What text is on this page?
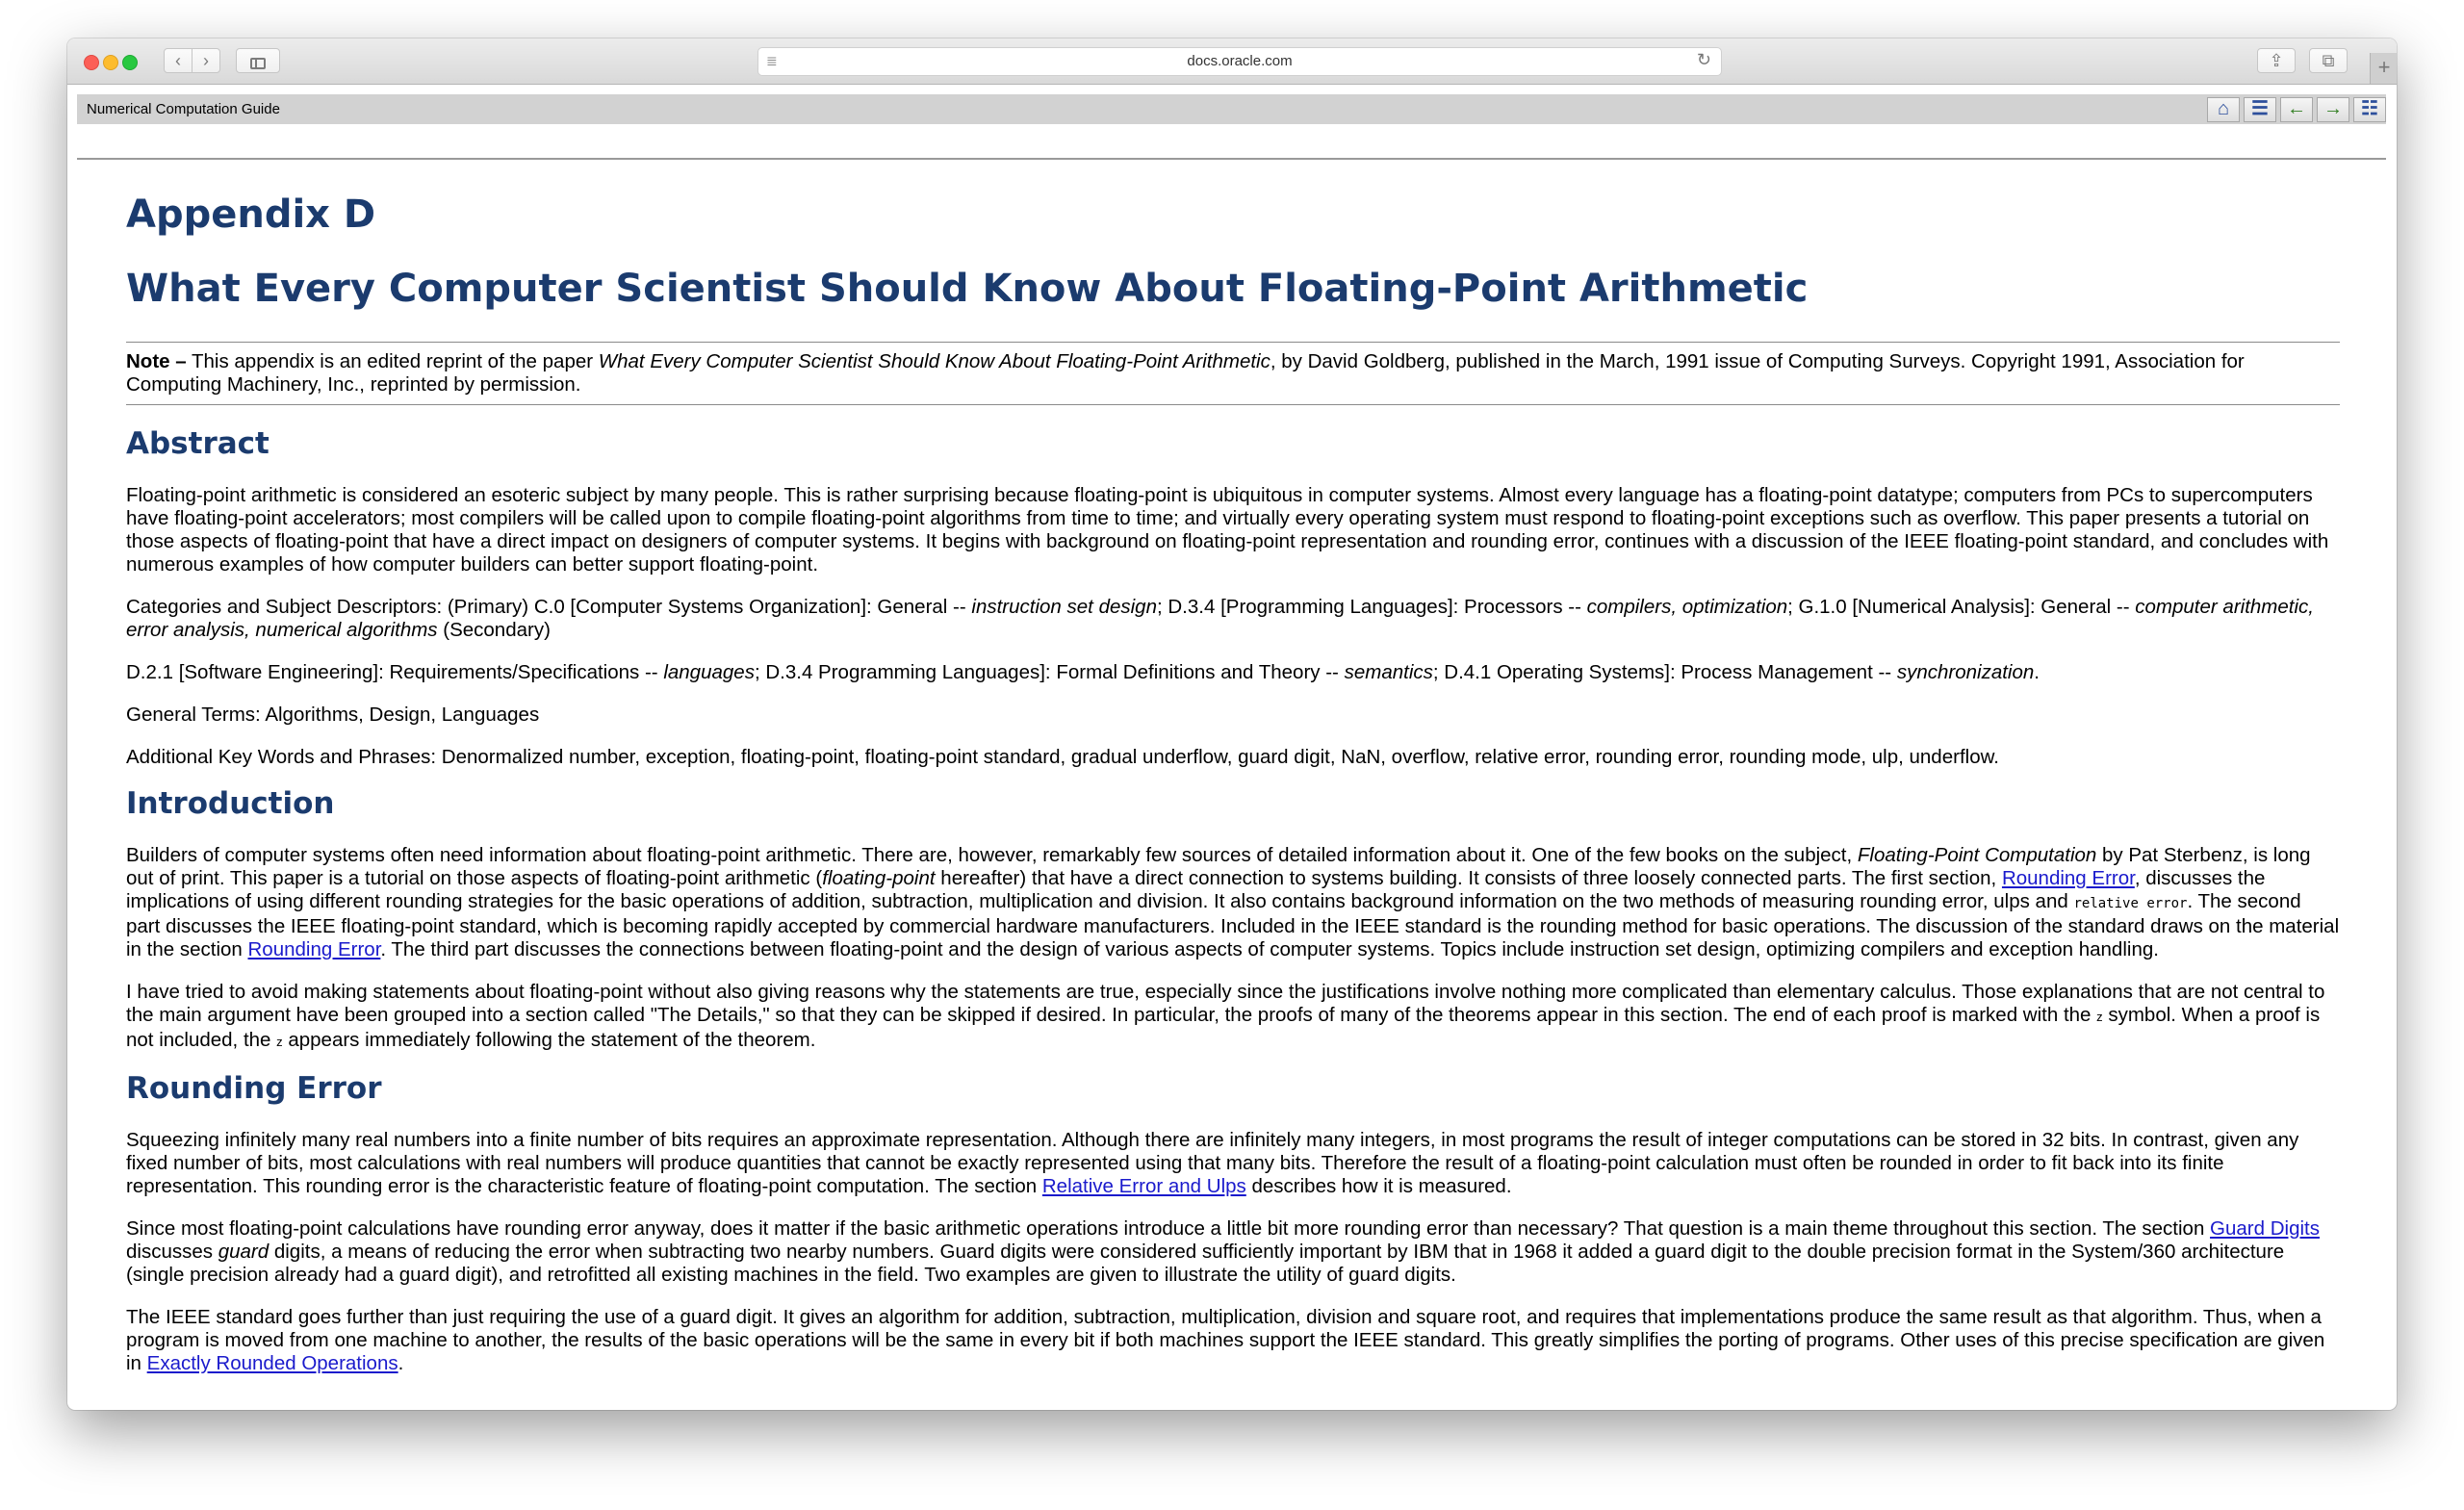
‹	›	≣	docs.oracle.com	↻	⇪	⧉	+
Numerical Computation Guide	⌂	☰ ← → ☷
Appendix D
What Every Computer Scientist Should Know About Floating-Point Arithmetic
Note – This appendix is an edited reprint of the paper What Every Computer Scientist Should Know About Floating-Point Arithmetic, by David Goldberg, published in the March, 1991 issue of Computing Surveys. Copyright 1991, Association for Computing Machinery, Inc., reprinted by permission.
Abstract

Floating-point arithmetic is considered an esoteric subject by many people. This is rather surprising because floating-point is ubiquitous in computer systems. Almost every language has a floating-point datatype; computers from PCs to supercomputers have floating-point accelerators; most compilers will be called upon to compile floating-point algorithms from time to time; and virtually every operating system must respond to floating-point exceptions such as overflow. This paper presents a tutorial on those aspects of floating-point that have a direct impact on designers of computer systems. It begins with background on floating-point representation and rounding error, continues with a discussion of the IEEE floating-point standard, and concludes with numerous examples of how computer builders can better support floating-point.

Categories and Subject Descriptors: (Primary) C.0 [Computer Systems Organization]: General -- instruction set design; D.3.4 [Programming Languages]: Processors -- compilers, optimization; G.1.0 [Numerical Analysis]: General -- computer arithmetic, error analysis, numerical algorithms (Secondary)

D.2.1 [Software Engineering]: Requirements/Specifications -- languages; D.3.4 Programming Languages]: Formal Definitions and Theory -- semantics; D.4.1 Operating Systems]: Process Management -- synchronization.

General Terms: Algorithms, Design, Languages

Additional Key Words and Phrases: Denormalized number, exception, floating-point, floating-point standard, gradual underflow, guard digit, NaN, overflow, relative error, rounding error, rounding mode, ulp, underflow.

Introduction

Builders of computer systems often need information about floating-point arithmetic. There are, however, remarkably few sources of detailed information about it. One of the few books on the subject, Floating-Point Computation by Pat Sterbenz, is long out of print. This paper is a tutorial on those aspects of floating-point arithmetic (floating-point hereafter) that have a direct connection to systems building. It consists of three loosely connected parts. The first section, Rounding Error, discusses the implications of using different rounding strategies for the basic operations of addition, subtraction, multiplication and division. It also contains background information on the two methods of measuring rounding error, ulps and relative error. The second part discusses the IEEE floating-point standard, which is becoming rapidly accepted by commercial hardware manufacturers. Included in the IEEE standard is the rounding method for basic operations. The discussion of the standard draws on the material in the section Rounding Error. The third part discusses the connections between floating-point and the design of various aspects of computer systems. Topics include instruction set design, optimizing compilers and exception handling.

I have tried to avoid making statements about floating-point without also giving reasons why the statements are true, especially since the justifications involve nothing more complicated than elementary calculus. Those explanations that are not central to the main argument have been grouped into a section called "The Details," so that they can be skipped if desired. In particular, the proofs of many of the theorems appear in this section. The end of each proof is marked with the z symbol. When a proof is not included, the z appears immediately following the statement of the theorem.

Rounding Error

Squeezing infinitely many real numbers into a finite number of bits requires an approximate representation. Although there are infinitely many integers, in most programs the result of integer computations can be stored in 32 bits. In contrast, given any fixed number of bits, most calculations with real numbers will produce quantities that cannot be exactly represented using that many bits. Therefore the result of a floating-point calculation must often be rounded in order to fit back into its finite representation. This rounding error is the characteristic feature of floating-point computation. The section Relative Error and Ulps describes how it is measured.

Since most floating-point calculations have rounding error anyway, does it matter if the basic arithmetic operations introduce a little bit more rounding error than necessary? That question is a main theme throughout this section. The section Guard Digits discusses guard digits, a means of reducing the error when subtracting two nearby numbers. Guard digits were considered sufficiently important by IBM that in 1968 it added a guard digit to the double precision format in the System/360 architecture (single precision already had a guard digit), and retrofitted all existing machines in the field. Two examples are given to illustrate the utility of guard digits.

The IEEE standard goes further than just requiring the use of a guard digit. It gives an algorithm for addition, subtraction, multiplication, division and square root, and requires that implementations produce the same result as that algorithm. Thus, when a program is moved from one machine to another, the results of the basic operations will be the same in every bit if both machines support the IEEE standard. This greatly simplifies the porting of programs. Other uses of this precise specification are given in Exactly Rounded Operations.
